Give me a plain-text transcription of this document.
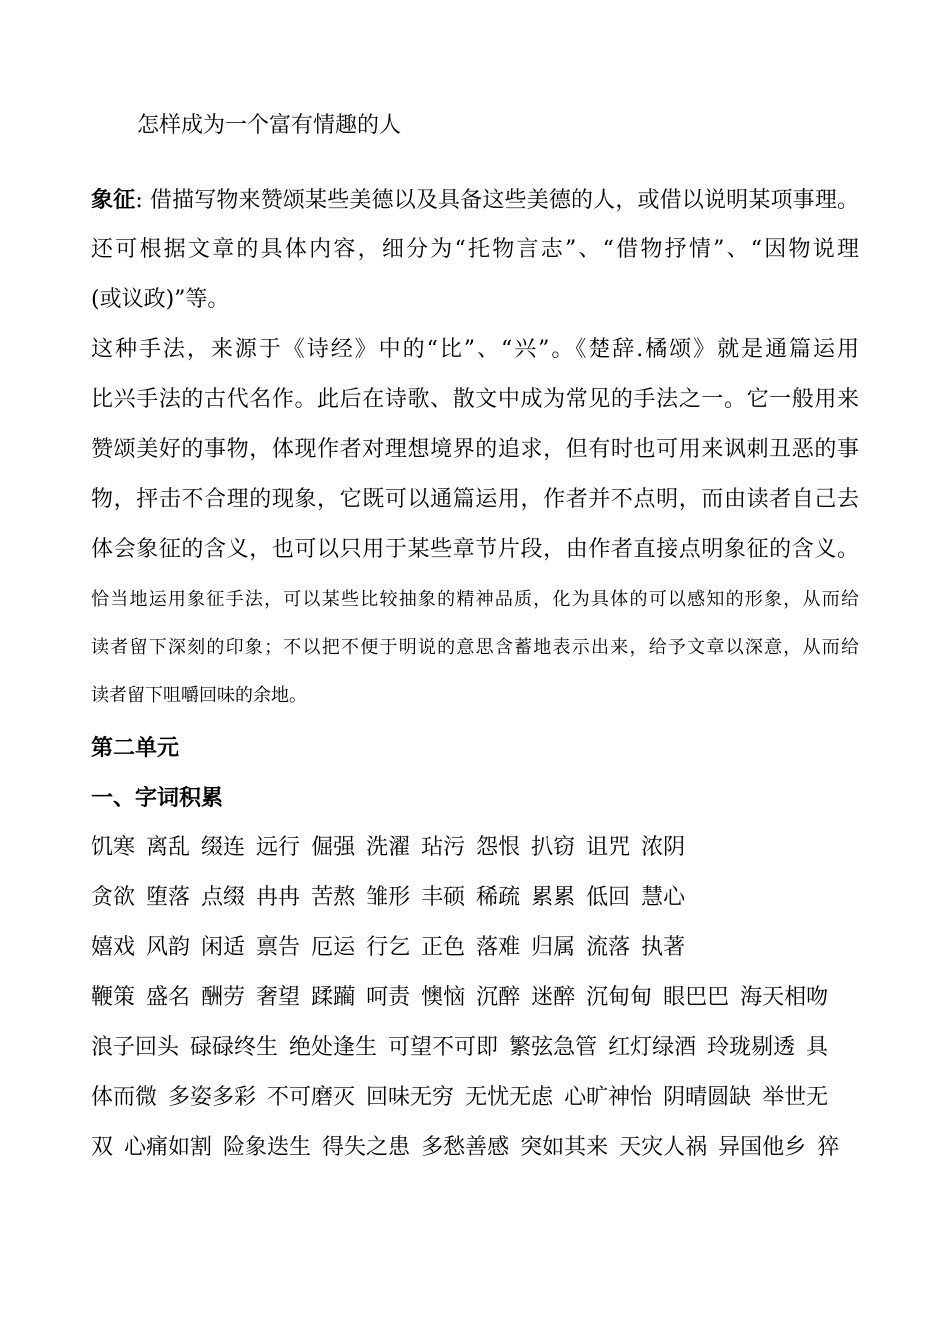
怎样成为一个富有情趣的人
象征: 借描写物来赞颂某些美德以及具备这些美德的人，或借以说明某项事理。
还可根据文章的具体内容，细分为“托物言志”、“借物抒情”、“因物说理
(或议政)”等。
这种手法，来源于《诗经》中的“比”、“兴”。《楚辞.橘颂》就是通篇运用
比兴手法的古代名作。此后在诗歌、散文中成为常见的手法之一。它一般用来
赞颂美好的事物，体现作者对理想境界的追求，但有时也可用来讽刺丑恶的事
物，抨击不合理的现象，它既可以通篇运用，作者并不点明，而由读者自己去
体会象征的含义，也可以只用于某些章节片段，由作者直接点明象征的含义。
恰当地运用象征手法，可以某些比较抽象的精神品质，化为具体的可以感知的形象，从而给
读者留下深刻的印象；不以把不便于明说的意思含蓄地表示出来，给予文章以深意，从而给
读者留下咀嚼回味的余地。
第二单元
一、字词积累
饥寒 离乱 缀连 远行 倔强 洗濯 玷污 怨恨 扒窃 诅咒 浓阴
贪欲 堕落 点缀 冉冉 苦熬 雏形 丰硕 稀疏 累累 低回 慧心
嬉戏 风韵 闲适 禀告 厄运 行乞 正色 落难 归属 流落 执著
鞭策 盛名 酬劳 奢望 蹂躏 呵责 懊恼 沉醉 迷醉 沉甸甸 眼巴巴 海天相吻
浪子回头 碌碌终生 绝处逢生 可望不可即 繁弦急管 红灯绿酒 玲珑剔透 具
体而微 多姿多彩 不可磨灭 回味无穷 无忧无虑 心旷神怡 阴晴圆缺 举世无
双 心痛如割 险象迭生 得失之患 多愁善感 突如其来 天灾人祸 异国他乡 猝
